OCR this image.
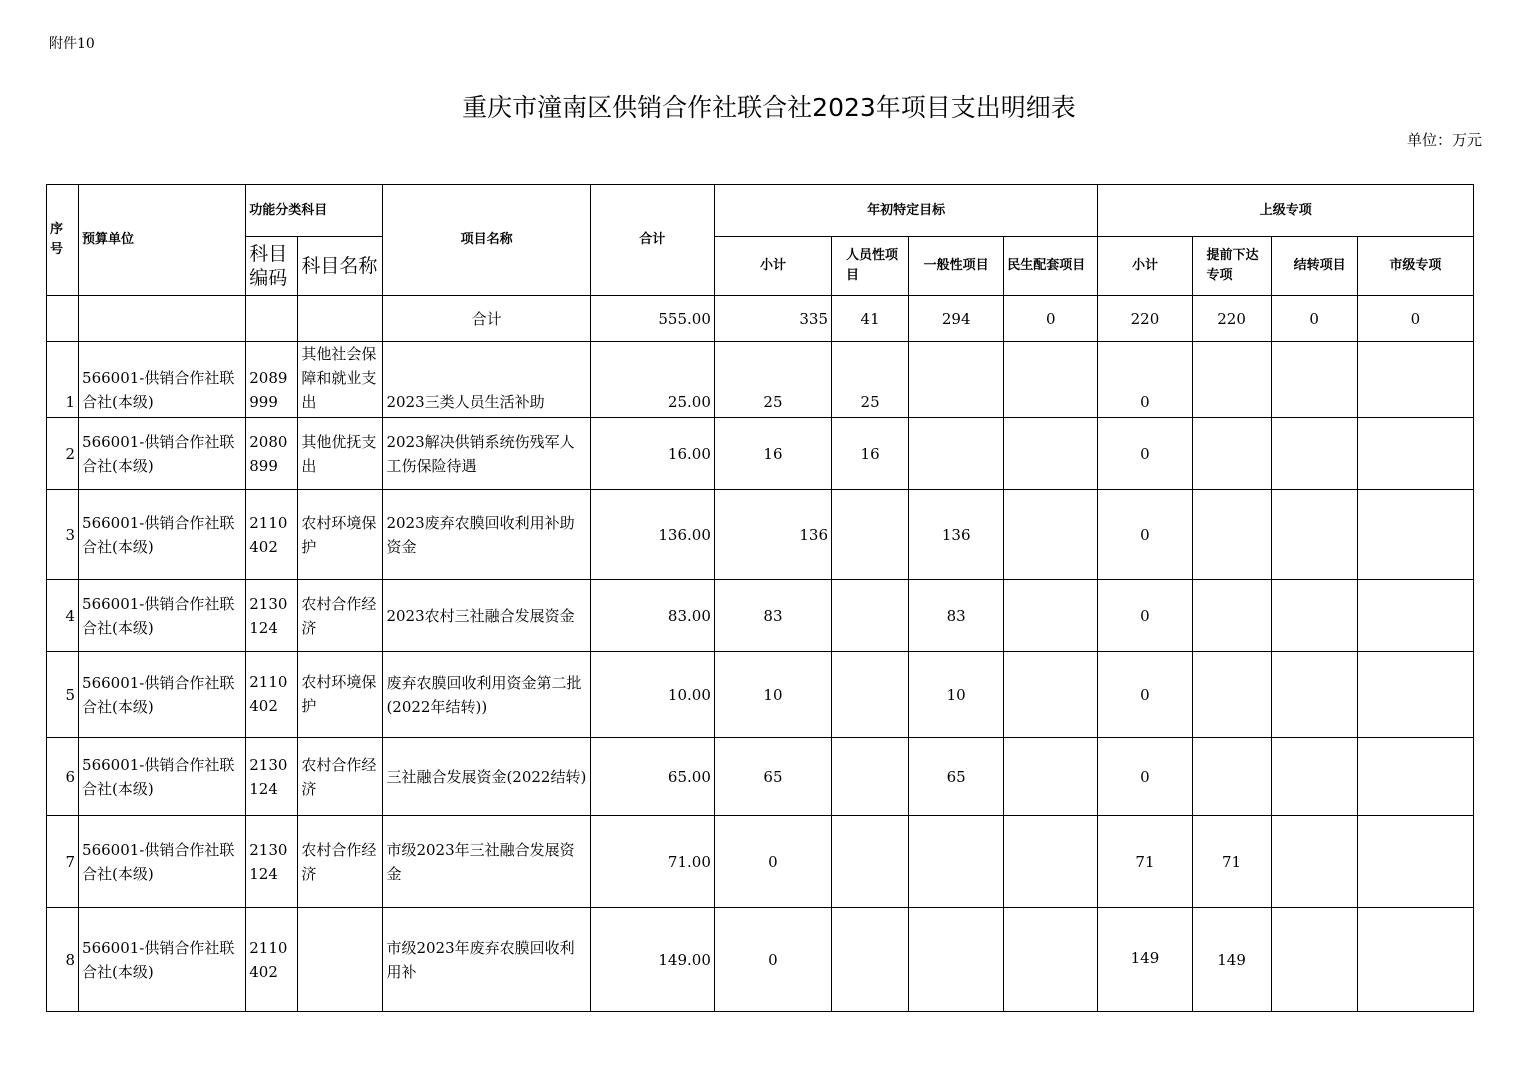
附件10
重庆市潼南区供销合作社联合社2023年项目支出明细表
单位：万元
序号	预算单位	功能分类科目		项目名称	合计	年初特定目标				上级专项			
		科目编码	科目名称			小计	人员性项目	一般性项目	民生配套项目	小计	提前下达专项	结转项目	市级专项
				合计	555.00	335	41	294	0	220	220	0	0
1	566001-供销合作社联合社(本级)	2089999	其他社会保障和就业支出	2023三类人员生活补助	25.00	25	25			0			
2	566001-供销合作社联合社(本级)	2080899	其他优抚支出	2023解决供销系统伤残军人工伤保险待遇	16.00	16	16			0			
3	566001-供销合作社联合社(本级)	2110402	农村环境保护	2023废弃农膜回收利用补助资金	136.00	136		136		0			
4	566001-供销合作社联合社(本级)	2130124	农村合作经济	2023农村三社融合发展资金	83.00	83		83		0			
5	566001-供销合作社联合社(本级)	2110402	农村环境保护	废弃农膜回收利用资金第二批(2022年结转))	10.00	10		10		0			
6	566001-供销合作社联合社(本级)	2130124	农村合作经济	三社融合发展资金(2022结转)	65.00	65		65		0			
7	566001-供销合作社联合社(本级)	2130124	农村合作经济	市级2023年三社融合发展资金	71.00	0				71	71		
8	566001-供销合作社联合社(本级)	2110402		市级2023年废弃农膜回收利用补	149.00	0				149	149		
